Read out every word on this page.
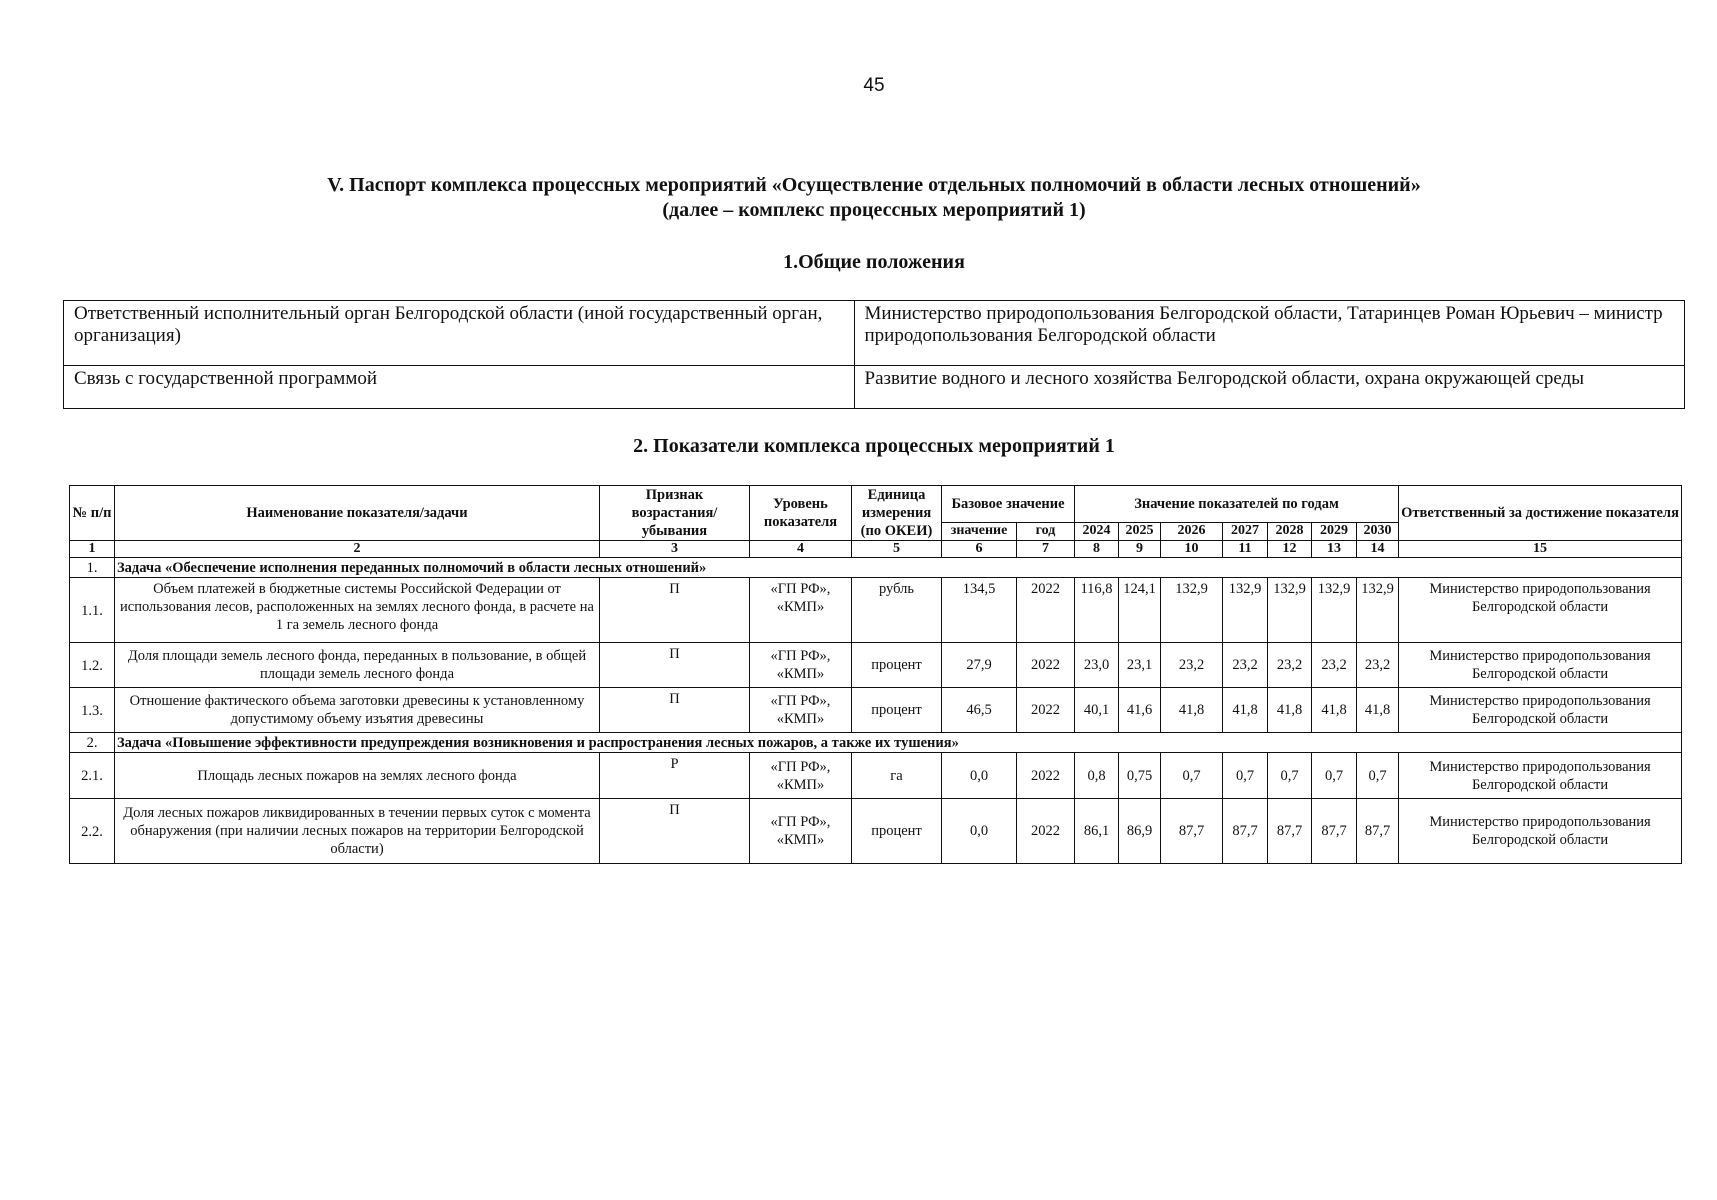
45
V. Паспорт комплекса процессных мероприятий «Осуществление отдельных полномочий в области лесных отношений»
(далее – комплекс процессных мероприятий 1)
1.Общие положения
Ответственный исполнительный орган Белгородской области (иной государственный орган, организация)	Министерство природопользования Белгородской области, Татаринцев Роман Юрьевич – министр природопользования Белгородской области
Связь с государственной программой	Развитие водного и лесного хозяйства Белгородской области, охрана окружающей среды
2. Показатели комплекса процессных мероприятий 1
№ п/п	Наименование показателя/задачи	Признак возрастания/ убывания	Уровень показателя	Единица измерения (по ОКЕИ)	Базовое значение		Значение показателей по годам							Ответственный за достижение показателя
					значение	год	2024	2025	2026	2027	2028	2029	2030	
1	2	3	4	5	6	7	8	9	10	11	12	13	14	15
1.	Задача «Обеспечение исполнения переданных полномочий в области лесных отношений»													
1.1.	Объем платежей в бюджетные системы Российской Федерации от использования лесов, расположенных на землях лесного фонда, в расчете на 1 га земель лесного фонда	П	«ГП РФ», «КМП»	рубль	134,5	2022	116,8	124,1	132,9	132,9	132,9	132,9	132,9	Министерство природопользования Белгородской области
1.2.	Доля площади земель лесного фонда, переданных в пользование, в общей площади земель лесного фонда	П	«ГП РФ», «КМП»	процент	27,9	2022	23,0	23,1	23,2	23,2	23,2	23,2	23,2	Министерство природопользования Белгородской области
1.3.	Отношение фактического объема заготовки древесины к установленному допустимому объему изъятия древесины	П	«ГП РФ», «КМП»	процент	46,5	2022	40,1	41,6	41,8	41,8	41,8	41,8	41,8	Министерство природопользования Белгородской области
2.	Задача «Повышение эффективности предупреждения возникновения и распространения лесных пожаров, а также их тушения»													
2.1.	Площадь лесных пожаров на землях лесного фонда	Р	«ГП РФ», «КМП»	га	0,0	2022	0,8	0,75	0,7	0,7	0,7	0,7	0,7	Министерство природопользования Белгородской области
2.2.	Доля лесных пожаров ликвидированных в течении первых суток с момента обнаружения (при наличии лесных пожаров на территории Белгородской области)	П	«ГП РФ», «КМП»	процент	0,0	2022	86,1	86,9	87,7	87,7	87,7	87,7	87,7	Министерство природопользования Белгородской области
